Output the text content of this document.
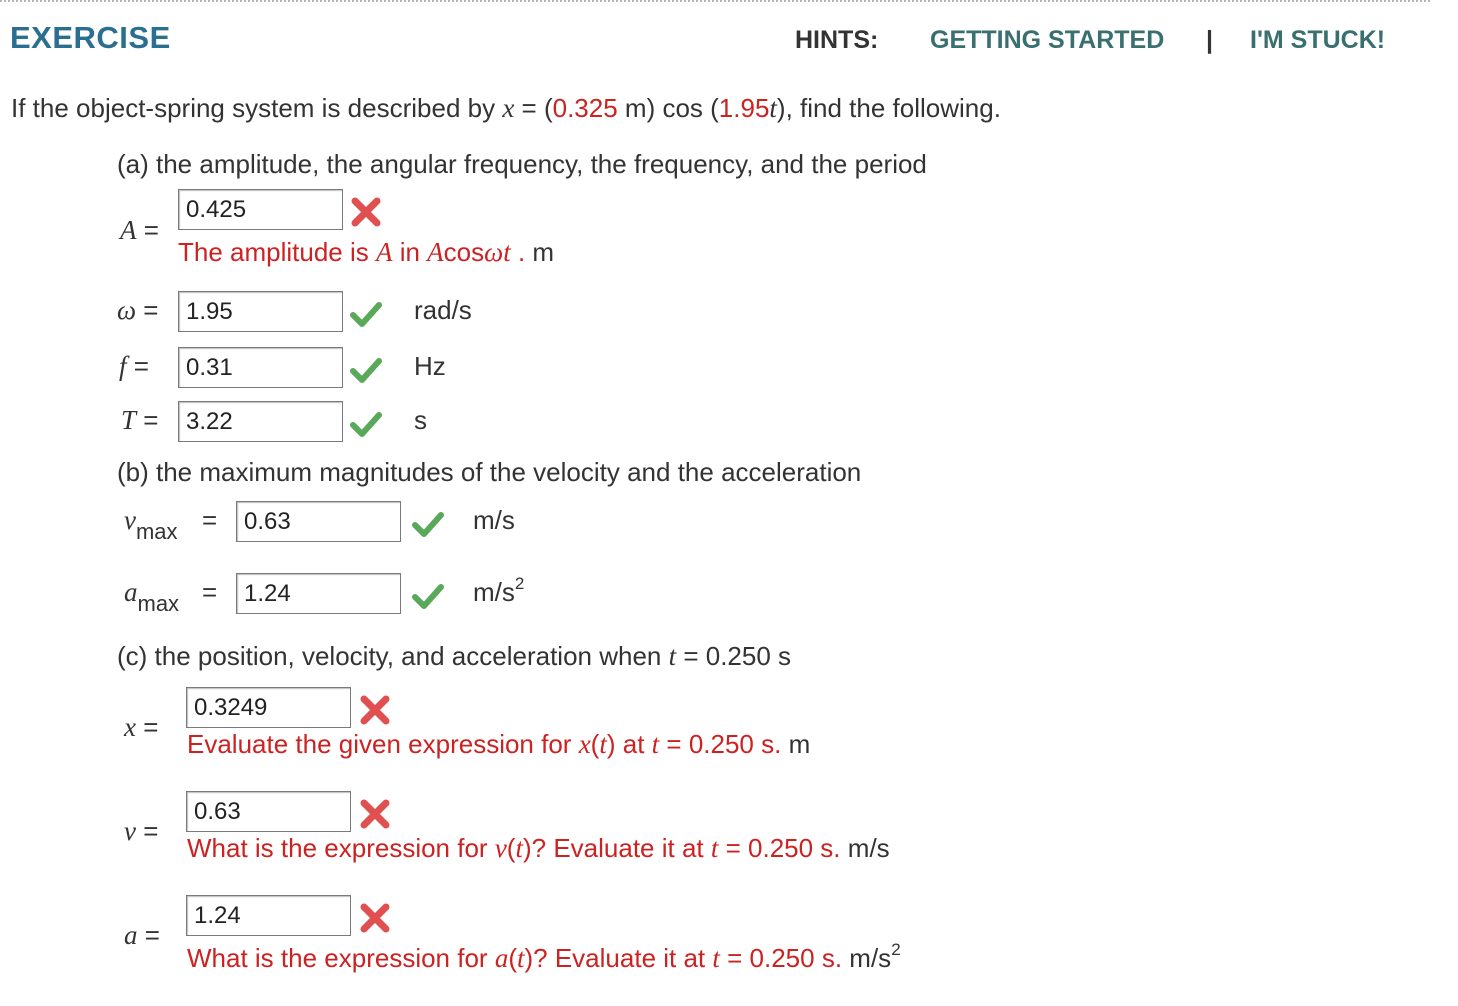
EXERCISE	HINTS: GETTING STARTED | I'M STUCK!
If the object-spring system is described by x = (0.325 m) cos (1.95t), find the following.
(a) the amplitude, the angular frequency, the frequency, and the period
A =
0.425
The amplitude is A in Acosωt . m
ω =	1.95	rad/s
f =	0.31	Hz
T =	3.22	s
(b) the maximum magnitudes of the velocity and the acceleration
$v_{max}$ =	0.63	m/s
$a_{max}$ =	1.24	$m/s^2$
(c) the position, velocity, and acceleration when t = 0.250 s
x =
0.3249
Evaluate the given expression for x(t) at t = 0.250 s. m
v =
0.63
What is the expression for v(t)? Evaluate it at t = 0.250 s. m/s
a =
1.24
What is the expression for a(t)? Evaluate it at t = 0.250 s. $m/s^2$
